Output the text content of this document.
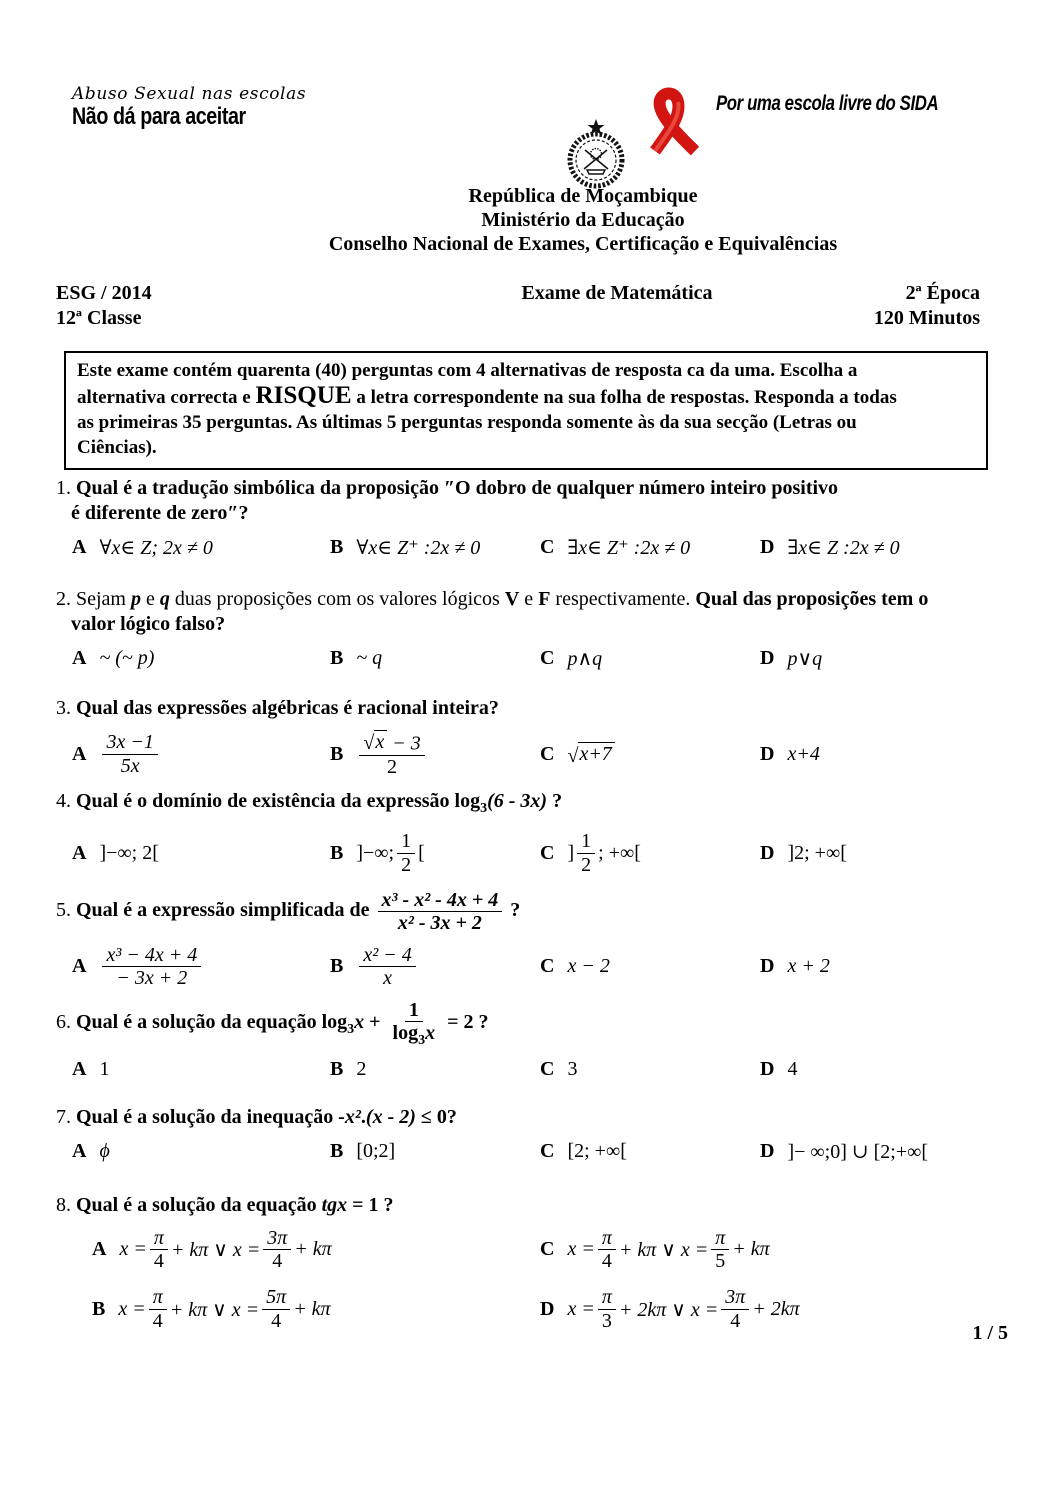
Abuso Sexual nas escolas
Não dá para aceitar	Por uma escola livre do SIDA
República de Moçambique
Ministério da Educação
Conselho Nacional de Exames, Certificação e Equivalências
ESG / 2014	Exame de Matemática	2ª Época
12ª Classe	120 Minutos
Este exame contém quarenta (40) perguntas com 4 alternativas de resposta ca da uma. Escolha a
alternativa correcta e RISQUE a letra correspondente na sua folha de respostas. Responda a todas
as primeiras 35 perguntas. As últimas 5 perguntas responda somente às da sua secção (Letras ou
Ciências).

1. Qual é a tradução simbólica da proposição ″O dobro de qualquer número inteiro positivo
é diferente de zero″?

A ∀x∈ Z; 2x ≠ 0	B ∀x∈ Z⁺ :2x ≠ 0	C ∃x∈ Z⁺ :2x ≠ 0	D ∃x∈ Z :2x ≠ 0

2. Sejam p e q duas proposições com os valores lógicos V e F respectivamente. Qual das proposições tem o
valor lógico falso?

A ~ (~ p)	B ~ q	C p∧q	D p∨q

3. Qual das expressões algébricas é racional inteira?

A $\frac{3x -1}{5x}$	B $\frac{√ x - 3}{2}$	C √ x+7	D x+4

4. Qual é o domínio de existência da expressão $\log_3(6 - 3x)$ ?

A ]−∞; 2[	B ]−∞; $\frac{1}{2}$ [	C ] $\frac{1}{2}$ ; +∞[	D ]2; +∞[

5. Qual é a expressão simplificada de $\frac{\text{x³ - x² - 4x + 4}}{\text{x² - 3x + 2}}$ ?

A $\frac{\text{x³ − 4x + 4}}{- 3x + 2}$	B $\frac{\text{x² − 4}}{x}$	C x − 2	D x + 2

6. Qual é a solução da equação $\log_3x + \frac{1}{\log_3x} = 2$ ?

A 1	B 2	C 3	D 4

7. Qual é a solução da inequação -x².(x - 2) ≤ 0?

A ϕ	B [0;2]	C [2; +∞[	D ]− ∞;0] ∪ [2;+∞[

8. Qual é a solução da equação tgx = 1 ?

A $x = \frac{\pi}{4} + k\pi$ ∨ $x = \frac{3\pi}{4} + k\pi$
B $x = \frac{\pi}{4} + k\pi$ ∨ $x = \frac{5\pi}{4} + k\pi$
C $x = \frac{\pi}{4} + k\pi$ ∨ $x = \frac{\pi}{5} + k\pi$
D $x = \frac{\pi}{3} + 2k\pi$ ∨ $x = \frac{3\pi}{4} + 2k\pi$
1 / 5
